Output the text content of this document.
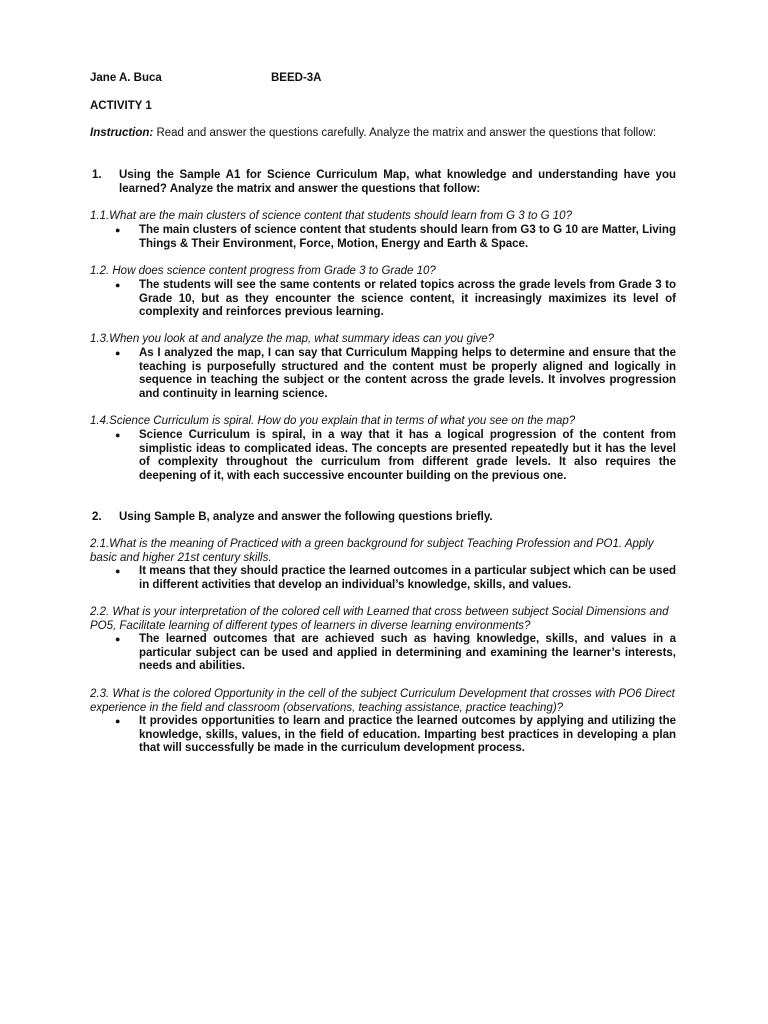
Jane A. Buca	BEED-3A
ACTIVITY 1

Instruction: Read and answer the questions carefully. Analyze the matrix and answer the questions that follow:

1. Using the Sample A1 for Science Curriculum Map, what knowledge and understanding have you learned? Analyze the matrix and answer the questions that follow:
1.1.What are the main clusters of science content that students should learn from G 3 to G 10?
● The main clusters of science content that students should learn from G3 to G 10 are Matter, Living Things & Their Environment, Force, Motion, Energy and Earth & Space.
1.2. How does science content progress from Grade 3 to Grade 10?
● The students will see the same contents or related topics across the grade levels from Grade 3 to Grade 10, but as they encounter the science content, it increasingly maximizes its level of complexity and reinforces previous learning.
1.3.When you look at and analyze the map, what summary ideas can you give?
● As I analyzed the map, I can say that Curriculum Mapping helps to determine and ensure that the teaching is purposefully structured and the content must be properly aligned and logically in sequence in teaching the subject or the content across the grade levels. It involves progression and continuity in learning science.
1.4.Science Curriculum is spiral. How do you explain that in terms of what you see on the map?
● Science Curriculum is spiral, in a way that it has a logical progression of the content from simplistic ideas to complicated ideas. The concepts are presented repeatedly but it has the level of complexity throughout the curriculum from different grade levels. It also requires the deepening of it, with each successive encounter building on the previous one.
2. Using Sample B, analyze and answer the following questions briefly.
2.1.What is the meaning of Practiced with a green background for subject Teaching Profession and PO1. Apply basic and higher 21st century skills.
● It means that they should practice the learned outcomes in a particular subject which can be used in different activities that develop an individual’s knowledge, skills, and values.
2.2. What is your interpretation of the colored cell with Learned that cross between subject Social Dimensions and PO5, Facilitate learning of different types of learners in diverse learning environments?
● The learned outcomes that are achieved such as having knowledge, skills, and values in a particular subject can be used and applied in determining and examining the learner’s interests, needs and abilities.
2.3. What is the colored Opportunity in the cell of the subject Curriculum Development that crosses with PO6 Direct experience in the field and classroom (observations, teaching assistance, practice teaching)?
● It provides opportunities to learn and practice the learned outcomes by applying and utilizing the knowledge, skills, values, in the field of education. Imparting best practices in developing a plan that will successfully be made in the curriculum development process.
